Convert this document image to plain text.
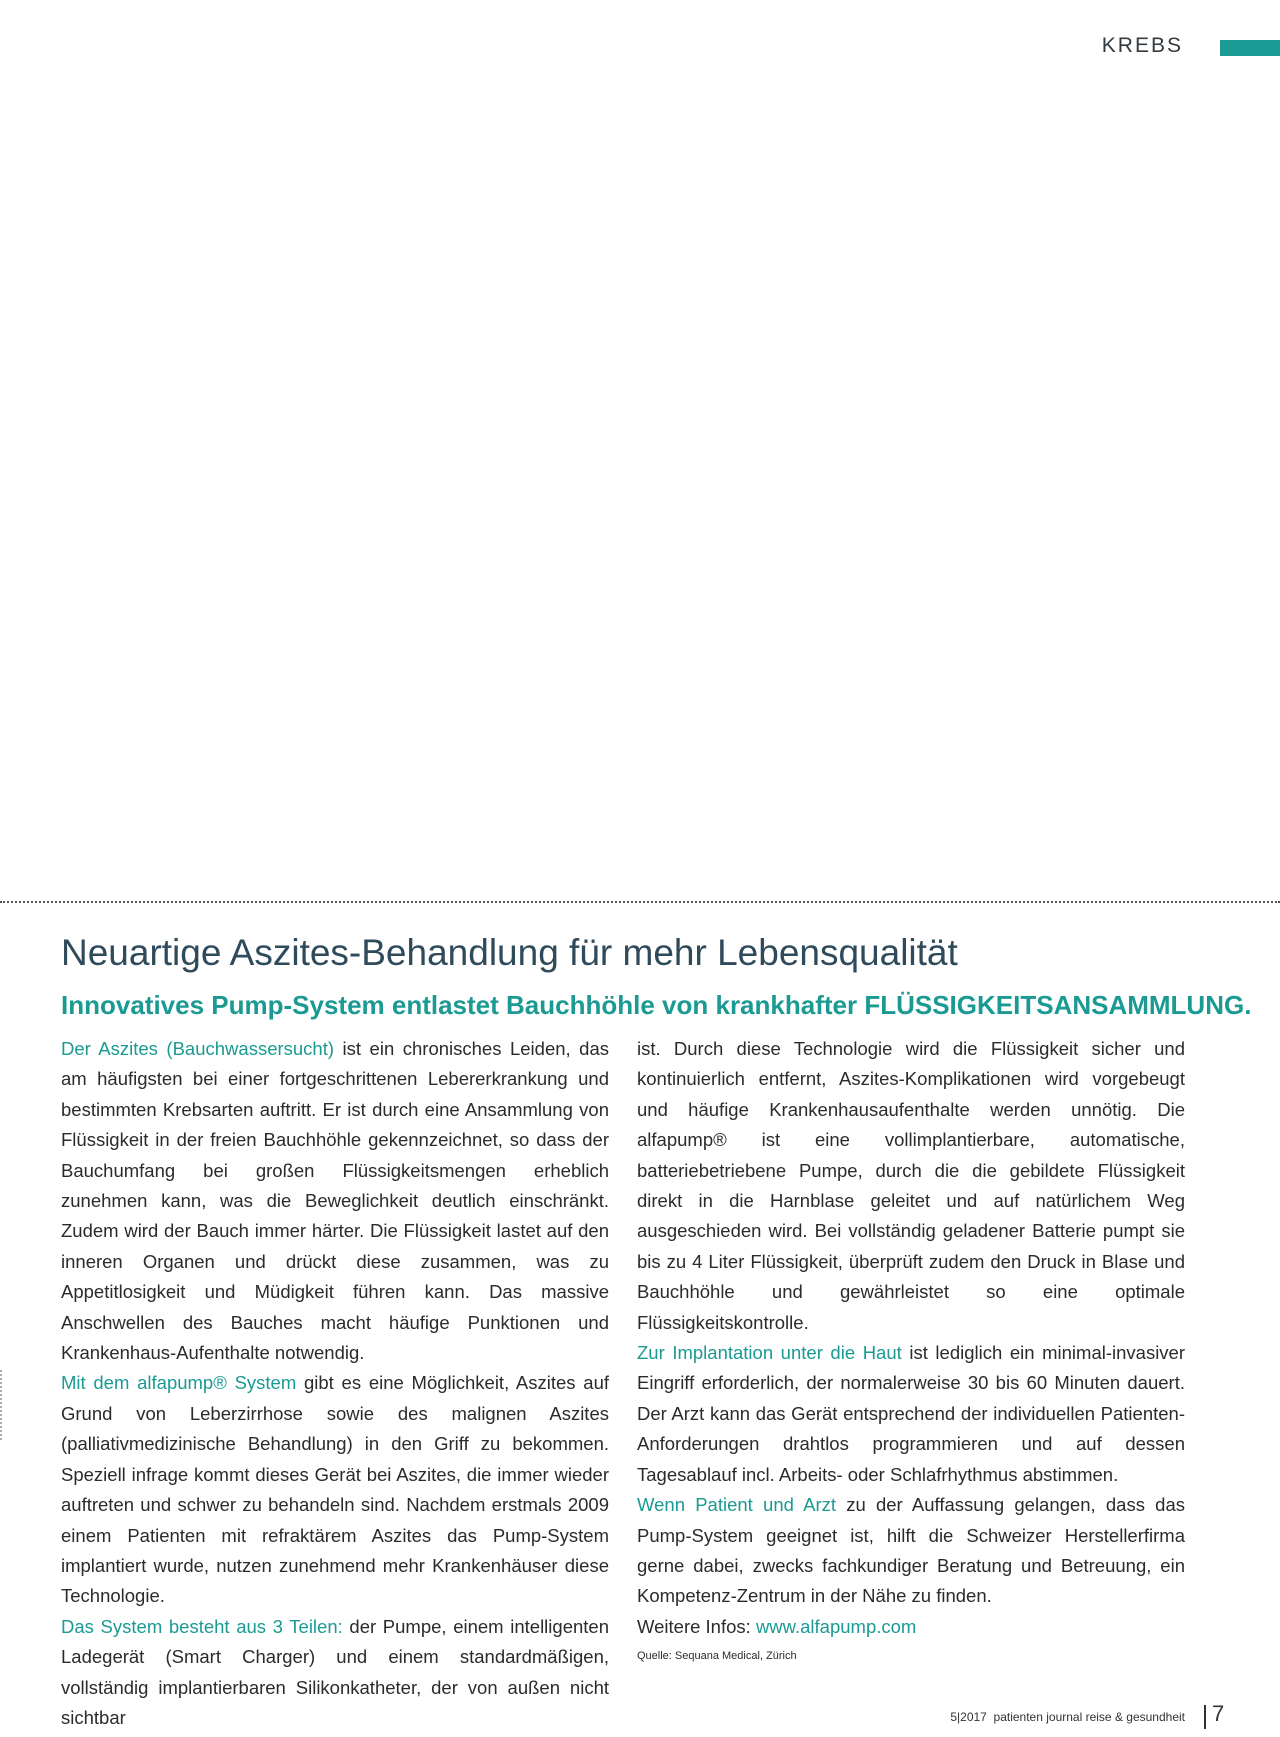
KREBS
Neuartige Aszites-Behandlung für mehr Lebensqualität
Innovatives Pump-System entlastet Bauchhöhle von krankhafter FLÜSSIGKEITSANSAMMLUNG.

Der Aszites (Bauchwassersucht) ist ein chronisches Leiden, das am häufigsten bei einer fortgeschrittenen Lebererkrankung und bestimmten Krebsarten auftritt. Er ist durch eine Ansammlung von Flüssigkeit in der freien Bauchhöhle gekennzeichnet, so dass der Bauchumfang bei großen Flüssigkeitsmengen erheblich zunehmen kann, was die Beweglichkeit deutlich einschränkt. Zudem wird der Bauch immer härter. Die Flüssigkeit lastet auf den inneren Organen und drückt diese zusammen, was zu Appetitlosigkeit und Müdigkeit führen kann. Das massive Anschwellen des Bauches macht häufige Punktionen und Krankenhaus-Aufenthalte notwendig.

Mit dem alfapump® System gibt es eine Möglichkeit, Aszites auf Grund von Leberzirrhose sowie des malignen Aszites (palliativmedizinische Behandlung) in den Griff zu bekommen. Speziell infrage kommt dieses Gerät bei Aszites, die immer wieder auftreten und schwer zu behandeln sind. Nachdem erstmals 2009 einem Patienten mit refraktärem Aszites das Pump-System implantiert wurde, nutzen zunehmend mehr Krankenhäuser diese Technologie.

Das System besteht aus 3 Teilen: der Pumpe, einem intelligenten Ladegerät (Smart Charger) und einem standardmäßigen, vollständig implantierbaren Silikonkatheter, der von außen nicht sichtbar

ist. Durch diese Technologie wird die Flüssigkeit sicher und kontinuierlich entfernt, Aszites-Komplikationen wird vorgebeugt und häufige Krankenhausaufenthalte werden unnötig. Die alfapump® ist eine vollimplantierbare, automatische, batteriebetriebene Pumpe, durch die die gebildete Flüssigkeit direkt in die Harnblase geleitet und auf natürlichem Weg ausgeschieden wird. Bei vollständig geladener Batterie pumpt sie bis zu 4 Liter Flüssigkeit, überprüft zudem den Druck in Blase und Bauchhöhle und gewährleistet so eine optimale Flüssigkeitskontrolle.

Zur Implantation unter die Haut ist lediglich ein minimal-invasiver Eingriff erforderlich, der normalerweise 30 bis 60 Minuten dauert. Der Arzt kann das Gerät entsprechend der individuellen Patienten-Anforderungen drahtlos programmieren und auf dessen Tagesablauf incl. Arbeits- oder Schlafrhythmus abstimmen.

Wenn Patient und Arzt zu der Auffassung gelangen, dass das Pump-System geeignet ist, hilft die Schweizer Herstellerfirma gerne dabei, zwecks fachkundiger Beratung und Betreuung, ein Kompetenz-Zentrum in der Nähe zu finden.

Weitere Infos: www.alfapump.com

Quelle: Sequana Medical, Zürich

5|2017 patienten journal reise & gesundheit 7
